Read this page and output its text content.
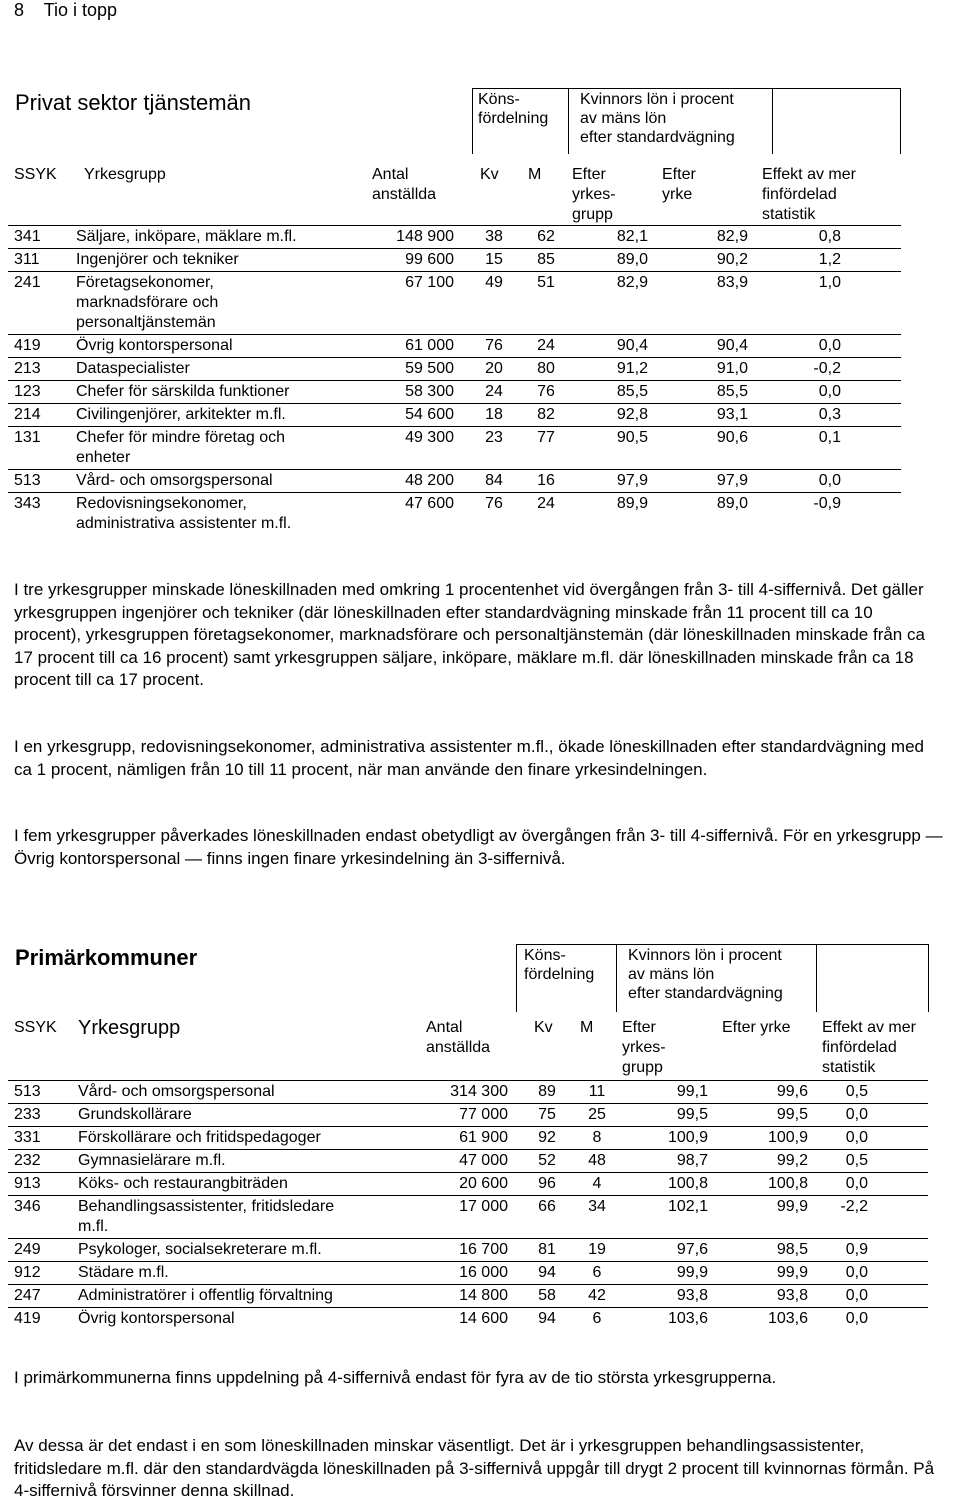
8    Tio i topp
Privat sektor tjänstemän	Köns-
fördelning
Kvinnors lön i procent
av mäns lön
efter standardvägning
SSYK	Yrkesgrupp	Antal
anställda	Kv	M	Efter
yrkes-
grupp	Efter
yrke	Effekt av mer
finfördelad
statistik
341	Säljare, inköpare, mäklare m.fl.	148 900	38	62	82,1	82,9	0,8
311	Ingenjörer och tekniker	99 600	15	85	89,0	90,2	1,2
241	Företagsekonomer,
marknadsförare och
personaltjänstemän	67 100	49	51	82,9	83,9	1,0
419	Övrig kontorspersonal	61 000	76	24	90,4	90,4	0,0
213	Dataspecialister	59 500	20	80	91,2	91,0	-0,2
123	Chefer för särskilda funktioner	58 300	24	76	85,5	85,5	0,0
214	Civilingenjörer, arkitekter m.fl.	54 600	18	82	92,8	93,1	0,3
131	Chefer för mindre företag och
enheter	49 300	23	77	90,5	90,6	0,1
513	Vård- och omsorgspersonal	48 200	84	16	97,9	97,9	0,0
343	Redovisningsekonomer,
administrativa assistenter m.fl.	47 600	76	24	89,9	89,0	-0,9
I tre yrkesgrupper minskade löneskillnaden med omkring 1 procentenhet vid övergången från 3- till 4-siffernivå. Det gäller yrkesgruppen ingenjörer och tekniker (där löneskillnaden efter standardvägning minskade från 11 procent till ca 10 procent), yrkesgruppen företagsekonomer, marknadsförare och personaltjänstemän (där löneskillnaden minskade från ca 17 procent till ca 16 procent) samt yrkesgruppen säljare, inköpare, mäklare m.fl. där löneskillnaden minskade från ca 18 procent till ca 17 procent.
I en yrkesgrupp, redovisningsekonomer, administrativa assistenter m.fl., ökade löneskillnaden efter standardvägning med ca 1 procent, nämligen från 10 till 11 procent, när man använde den finare yrkesindelningen.
I fem yrkesgrupper påverkades löneskillnaden endast obetydligt av övergången från 3- till 4-siffernivå. För en yrkesgrupp — Övrig kontorspersonal — finns ingen finare yrkesindelning än 3-siffernivå.
Primärkommuner	Köns-
fördelning
Kvinnors lön i procent
av mäns lön
efter standardvägning
SSYK	Yrkesgrupp	Antal
anställda	Kv	M	Efter
yrkes-
grupp	Efter yrke	Effekt av mer
finfördelad
statistik
513	Vård- och omsorgspersonal	314 300	89	11	99,1	99,6	0,5
233	Grundskollärare	77 000	75	25	99,5	99,5	0,0
331	Förskollärare och fritidspedagoger	61 900	92	8	100,9	100,9	0,0
232	Gymnasielärare m.fl.	47 000	52	48	98,7	99,2	0,5
913	Köks- och restaurangbiträden	20 600	96	4	100,8	100,8	0,0
346	Behandlingsassistenter, fritidsledare
m.fl.	17 000	66	34	102,1	99,9	-2,2
249	Psykologer, socialsekreterare m.fl.	16 700	81	19	97,6	98,5	0,9
912	Städare m.fl.	16 000	94	6	99,9	99,9	0,0
247	Administratörer i offentlig förvaltning	14 800	58	42	93,8	93,8	0,0
419	Övrig kontorspersonal	14 600	94	6	103,6	103,6	0,0
I primärkommunerna finns uppdelning på 4-siffernivå endast för fyra av de tio största yrkesgrupperna.
Av dessa är det endast i en som löneskillnaden minskar väsentligt. Det är i yrkesgruppen behandlingsassistenter, fritidsledare m.fl. där den standardvägda löneskillnaden på 3-siffernivå uppgår till drygt 2 procent till kvinnornas förmån. På 4-siffernivå försvinner denna skillnad.
